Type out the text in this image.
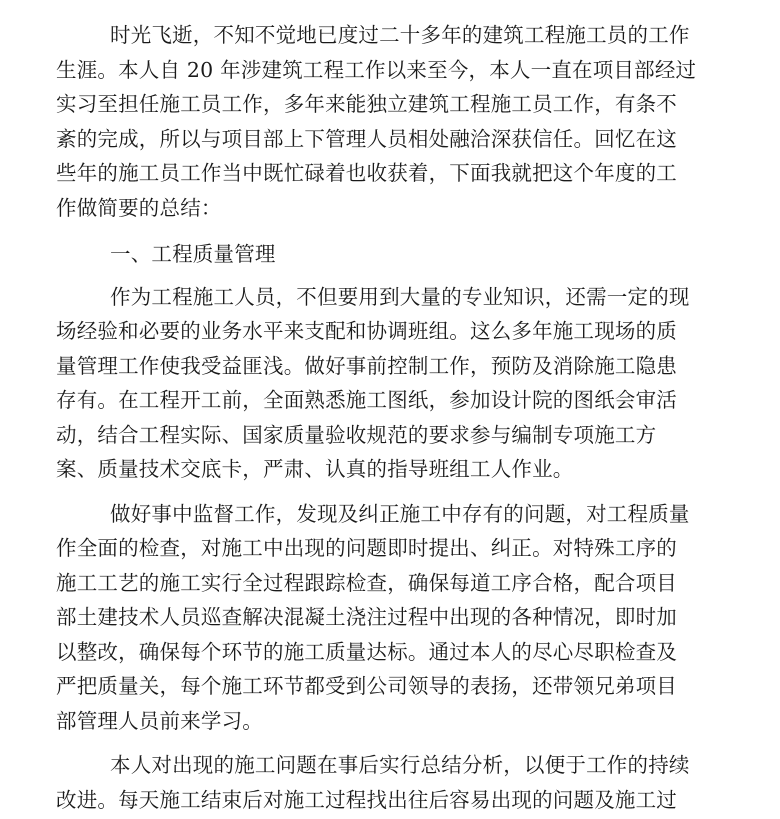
时光飞逝，不知不觉地已度过二十多年的建筑工程施工员的工作
生涯。本人自 20 年涉建筑工程工作以来至今，本人一直在项目部经过
实习至担任施工员工作，多年来能独立建筑工程施工员工作，有条不
紊的完成，所以与项目部上下管理人员相处融洽深获信任。回忆在这
些年的施工员工作当中既忙碌着也收获着，下面我就把这个年度的工
作做简要的总结：

一、工程质量管理

作为工程施工人员，不但要用到大量的专业知识，还需一定的现
场经验和必要的业务水平来支配和协调班组。这么多年施工现场的质
量管理工作使我受益匪浅。做好事前控制工作，预防及消除施工隐患
存有。在工程开工前，全面熟悉施工图纸，参加设计院的图纸会审活
动，结合工程实际、国家质量验收规范的要求参与编制专项施工方
案、质量技术交底卡，严肃、认真的指导班组工人作业。

做好事中监督工作，发现及纠正施工中存有的问题，对工程质量
作全面的检查，对施工中出现的问题即时提出、纠正。对特殊工序的
施工工艺的施工实行全过程跟踪检查，确保每道工序合格，配合项目
部土建技术人员巡查解决混凝土浇注过程中出现的各种情况，即时加
以整改，确保每个环节的施工质量达标。通过本人的尽心尽职检查及
严把质量关，每个施工环节都受到公司领导的表扬，还带领兄弟项目
部管理人员前来学习。

本人对出现的施工问题在事后实行总结分析，以便于工作的持续
改进。每天施工结束后对施工过程找出往后容易出现的问题及施工过
